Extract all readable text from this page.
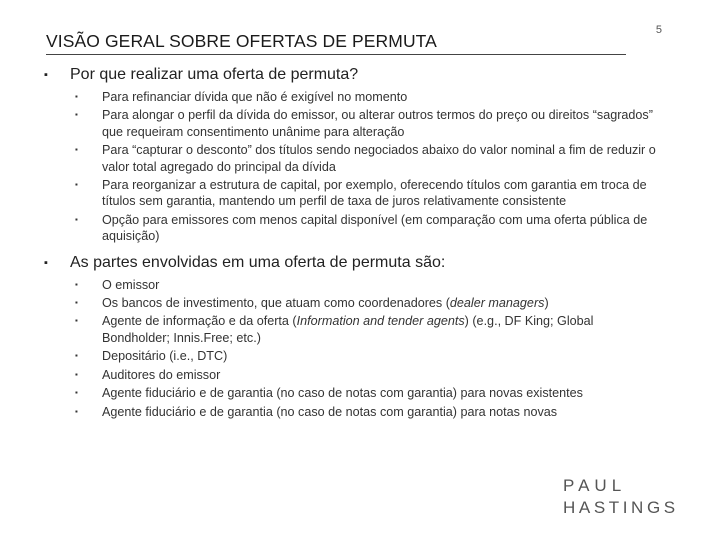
5
VISÃO GERAL SOBRE OFERTAS DE PERMUTA
▪	Por que realizar uma oferta de permuta?
▪	Para refinanciar dívida que não é exigível no momento
▪	Para alongar o perfil da dívida do emissor, ou alterar outros termos do preço ou direitos “sagrados” que requeiram consentimento unânime para alteração
▪	Para “capturar o desconto” dos títulos sendo negociados abaixo do valor nominal a fim de reduzir o valor total agregado do principal da dívida
▪	Para reorganizar a estrutura de capital, por exemplo, oferecendo títulos com garantia em troca de títulos sem garantia, mantendo um perfil de taxa de juros relativamente consistente
▪	Opção para emissores com menos capital disponível (em comparação com uma oferta pública de aquisição)
▪	As partes envolvidas em uma oferta de permuta são:
▪	O emissor
▪	Os bancos de investimento, que atuam como coordenadores (dealer managers)
▪	Agente de informação e da oferta (Information and tender agents) (e.g., DF King; Global Bondholder; Innis.Free; etc.)
▪	Depositário (i.e., DTC)
▪	Auditores do emissor
▪	Agente fiduciário e de garantia (no caso de notas com garantia) para novas existentes
▪	Agente fiduciário e de garantia (no caso de notas com garantia) para notas novas
PAUL
HASTINGS
